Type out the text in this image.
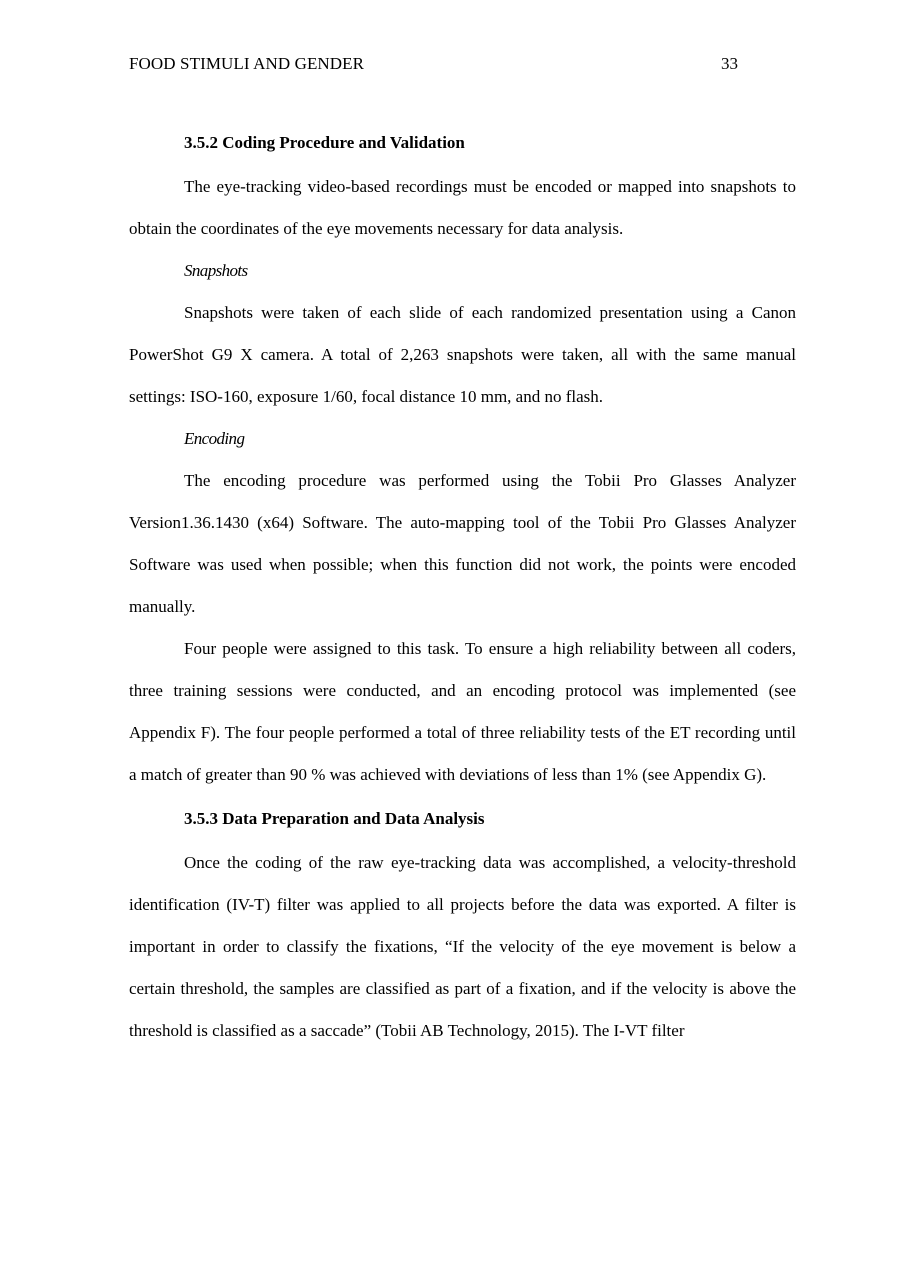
FOOD STIMULI AND GENDER	33
3.5.2 Coding Procedure and Validation

The eye-tracking video-based recordings must be encoded or mapped into snapshots to obtain the coordinates of the eye movements necessary for data analysis.

Snapshots

Snapshots were taken of each slide of each randomized presentation using a Canon PowerShot G9 X camera. A total of 2,263 snapshots were taken, all with the same manual settings: ISO-160, exposure 1/60, focal distance 10 mm, and no flash.

Encoding

The encoding procedure was performed using the Tobii Pro Glasses Analyzer Version1.36.1430 (x64) Software. The auto-mapping tool of the Tobii Pro Glasses Analyzer Software was used when possible; when this function did not work, the points were encoded manually.

Four people were assigned to this task. To ensure a high reliability between all coders, three training sessions were conducted, and an encoding protocol was implemented (see Appendix F). The four people performed a total of three reliability tests of the ET recording until a match of greater than 90 % was achieved with deviations of less than 1% (see Appendix G).

3.5.3 Data Preparation and Data Analysis

Once the coding of the raw eye-tracking data was accomplished, a velocity-threshold identification (IV-T) filter was applied to all projects before the data was exported. A filter is important in order to classify the fixations, “If the velocity of the eye movement is below a certain threshold, the samples are classified as part of a fixation, and if the velocity is above the threshold is classified as a saccade” (Tobii AB Technology, 2015). The I-VT filter
